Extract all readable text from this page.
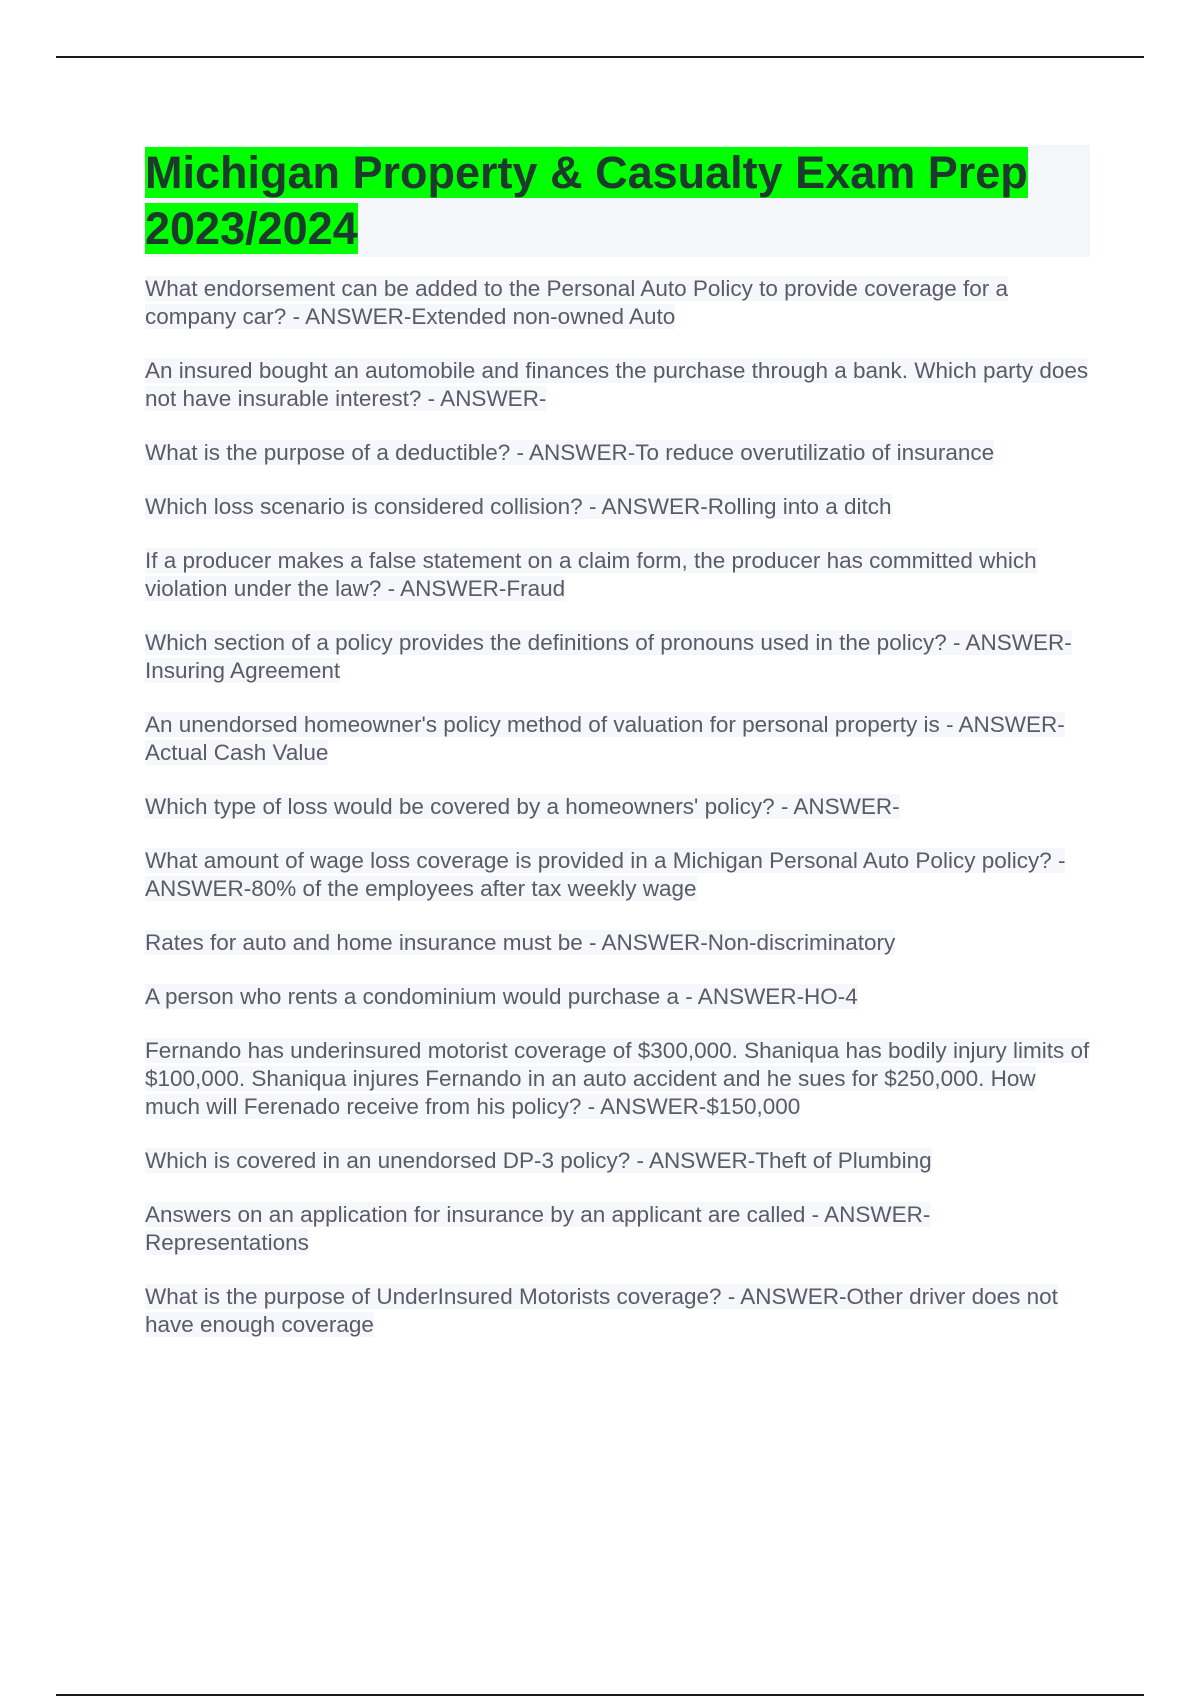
Michigan Property & Casualty Exam Prep 2023/2024
What endorsement can be added to the Personal Auto Policy to provide coverage for a company car? - ANSWER-Extended non-owned Auto
An insured bought an automobile and finances the purchase through a bank. Which party does not have insurable interest? - ANSWER-
What is the purpose of a deductible? - ANSWER-To reduce overutilizatio of insurance
Which loss scenario is considered collision? - ANSWER-Rolling into a ditch
If a producer makes a false statement on a claim form, the producer has committed which violation under the law? - ANSWER-Fraud
Which section of a policy provides the definitions of pronouns used in the policy? - ANSWER-Insuring Agreement
An unendorsed homeowner's policy method of valuation for personal property is - ANSWER-Actual Cash Value
Which type of loss would be covered by a homeowners' policy? - ANSWER-
What amount of wage loss coverage is provided in a Michigan Personal Auto Policy policy? - ANSWER-80% of the employees after tax weekly wage
Rates for auto and home insurance must be - ANSWER-Non-discriminatory
A person who rents a condominium would purchase a - ANSWER-HO-4
Fernando has underinsured motorist coverage of $300,000. Shaniqua has bodily injury limits of $100,000. Shaniqua injures Fernando in an auto accident and he sues for $250,000. How much will Ferenado receive from his policy? - ANSWER-$150,000
Which is covered in an unendorsed DP-3 policy? - ANSWER-Theft of Plumbing
Answers on an application for insurance by an applicant are called - ANSWER-Representations
What is the purpose of UnderInsured Motorists coverage? - ANSWER-Other driver does not have enough coverage
